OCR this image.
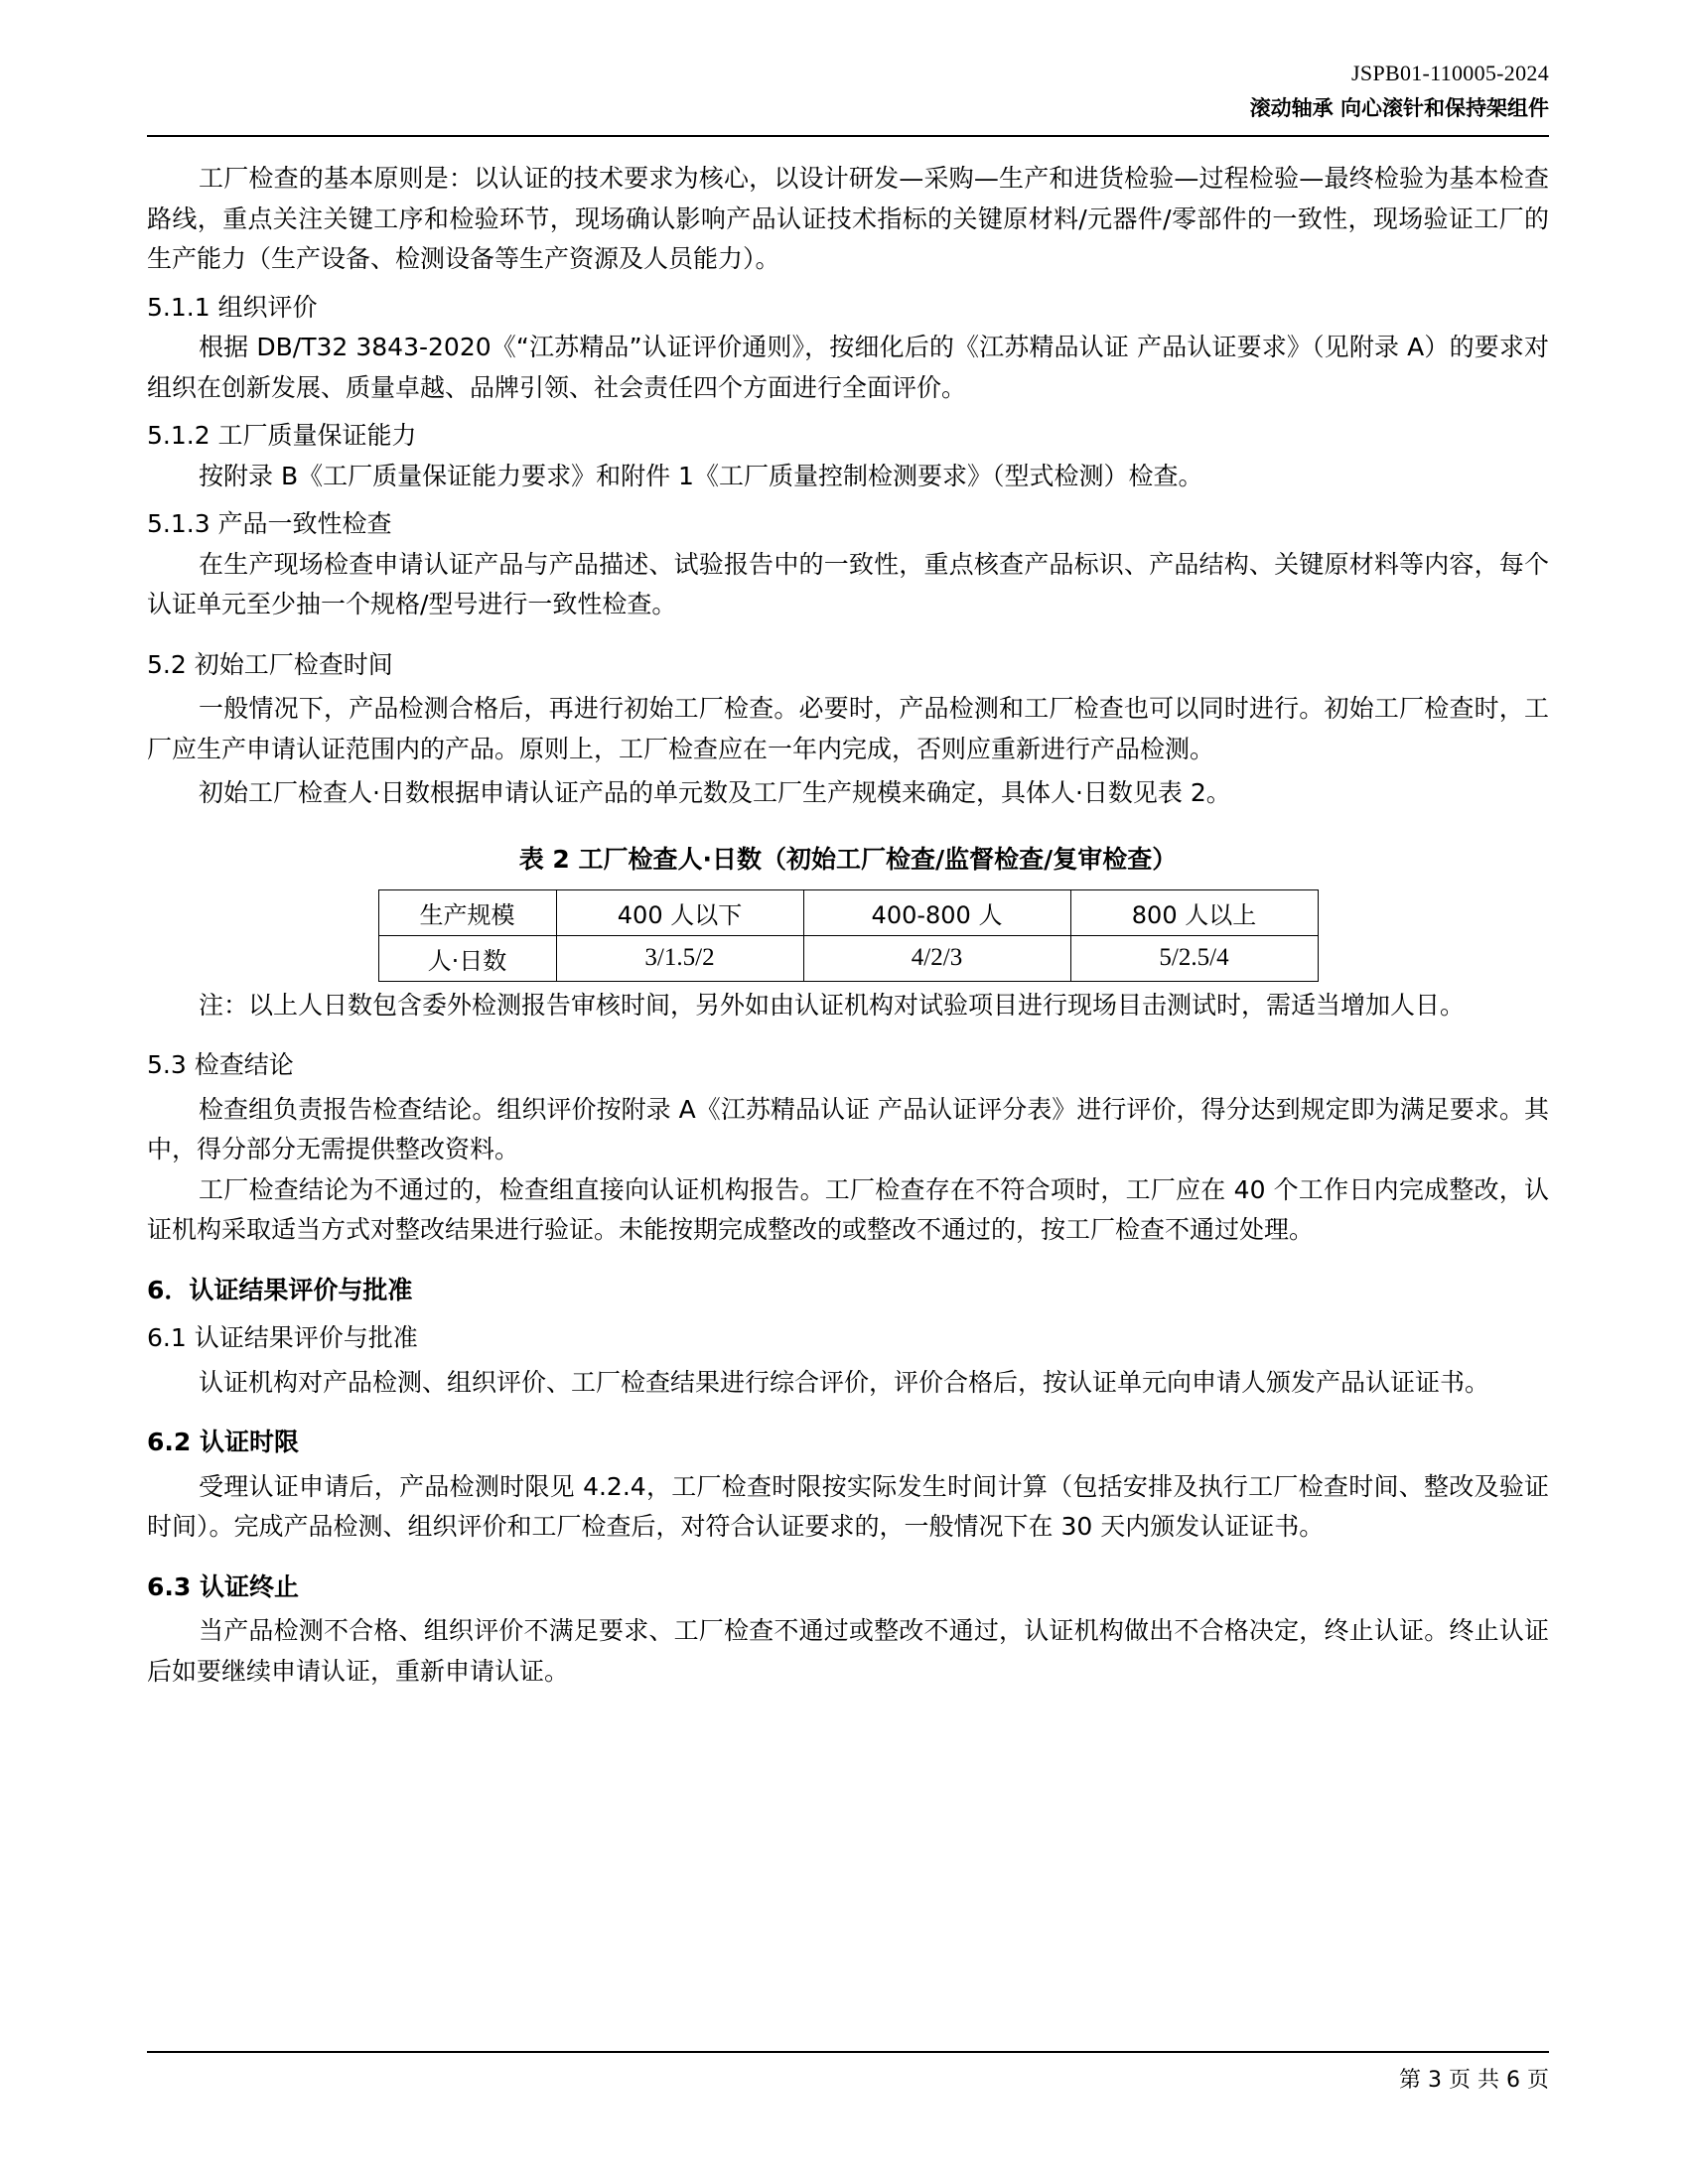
JSPB01-110005-2024
滚动轴承 向心滚针和保持架组件

工厂检查的基本原则是：以认证的技术要求为核心，以设计研发—采购—生产和进货检验—过程检验—最终检验为基本检查路线，重点关注关键工序和检验环节，现场确认影响产品认证技术指标的关键原材料/元器件/零部件的一致性，现场验证工厂的生产能力（生产设备、检测设备等生产资源及人员能力）。

5.1.1 组织评价

根据 DB/T32 3843-2020《“江苏精品”认证评价通则》，按细化后的《江苏精品认证 产品认证要求》（见附录 A）的要求对组织在创新发展、质量卓越、品牌引领、社会责任四个方面进行全面评价。

5.1.2 工厂质量保证能力

按附录 B《工厂质量保证能力要求》和附件 1《工厂质量控制检测要求》（型式检测）检查。

5.1.3 产品一致性检查

在生产现场检查申请认证产品与产品描述、试验报告中的一致性，重点核查产品标识、产品结构、关键原材料等内容，每个认证单元至少抽一个规格/型号进行一致性检查。

5.2 初始工厂检查时间

一般情况下，产品检测合格后，再进行初始工厂检查。必要时，产品检测和工厂检查也可以同时进行。初始工厂检查时，工厂应生产申请认证范围内的产品。原则上，工厂检查应在一年内完成，否则应重新进行产品检测。

初始工厂检查人·日数根据申请认证产品的单元数及工厂生产规模来确定，具体人·日数见表 2。

表 2 工厂检查人·日数（初始工厂检查/监督检查/复审检查）
生产规模	400 人以下	400-800 人	800 人以上
人·日数	3/1.5/2	4/2/3	5/2.5/4

注：以上人日数包含委外检测报告审核时间，另外如由认证机构对试验项目进行现场目击测试时，需适当增加人日。

5.3 检查结论

检查组负责报告检查结论。组织评价按附录 A《江苏精品认证 产品认证评分表》进行评价，得分达到规定即为满足要求。其中，得分部分无需提供整改资料。

工厂检查结论为不通过的，检查组直接向认证机构报告。工厂检查存在不符合项时，工厂应在 40 个工作日内完成整改，认证机构采取适当方式对整改结果进行验证。未能按期完成整改的或整改不通过的，按工厂检查不通过处理。

6．认证结果评价与批准
6.1 认证结果评价与批准

认证机构对产品检测、组织评价、工厂检查结果进行综合评价，评价合格后，按认证单元向申请人颁发产品认证证书。

6.2 认证时限

受理认证申请后，产品检测时限见 4.2.4，工厂检查时限按实际发生时间计算（包括安排及执行工厂检查时间、整改及验证时间）。完成产品检测、组织评价和工厂检查后，对符合认证要求的，一般情况下在 30 天内颁发认证证书。

6.3 认证终止

当产品检测不合格、组织评价不满足要求、工厂检查不通过或整改不通过，认证机构做出不合格决定，终止认证。终止认证后如要继续申请认证，重新申请认证。

第 3 页 共 6 页
